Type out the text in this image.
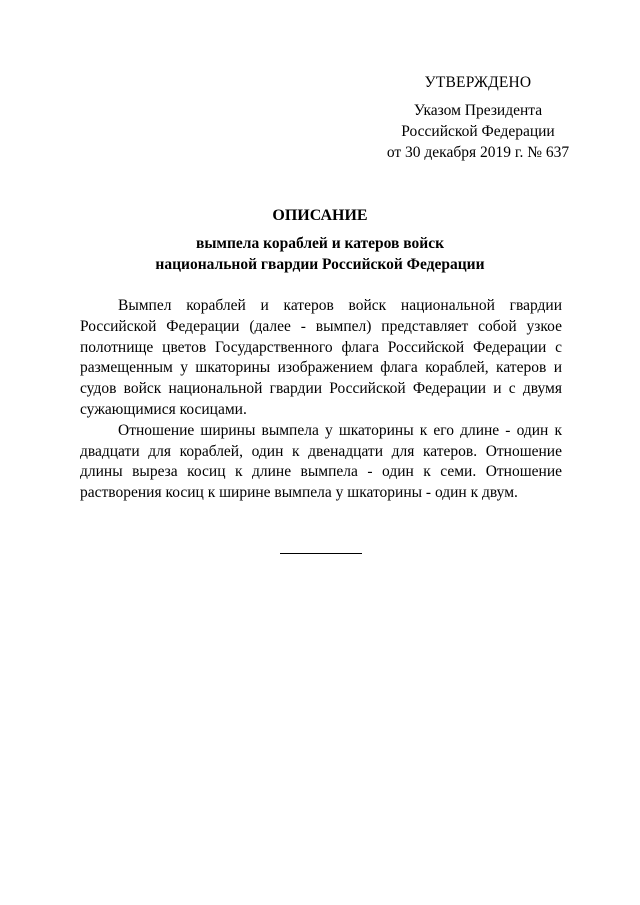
УТВЕРЖДЕНО
Указом Президента
Российской Федерации
от 30 декабря 2019 г. № 637
ОПИСАНИЕ
вымпела кораблей и катеров войск
национальной гвардии Российской Федерации

Вымпел кораблей и катеров войск национальной гвардии Российской Федерации (далее - вымпел) представляет собой узкое полотнище цветов Государственного флага Российской Федерации с размещенным у шкаторины изображением флага кораблей, катеров и судов войск национальной гвардии Российской Федерации и с двумя сужающимися косицами.

Отношение ширины вымпела у шкаторины к его длине - один к двадцати для кораблей, один к двенадцати для катеров. Отношение длины выреза косиц к длине вымпела - один к семи. Отношение растворения косиц к ширине вымпела у шкаторины - один к двум.
